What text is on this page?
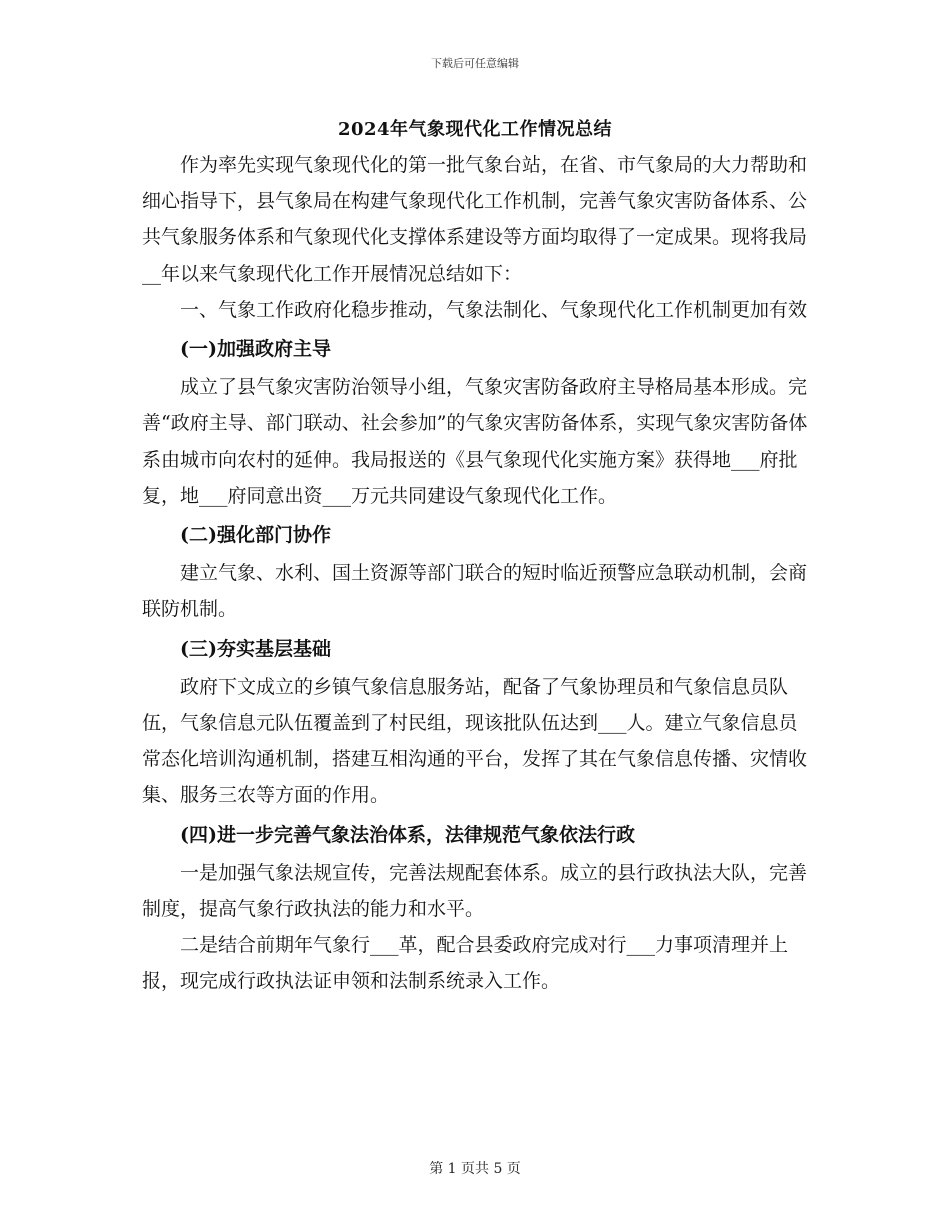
下载后可任意编辑
2024年气象现代化工作情况总结

作为率先实现气象现代化的第一批气象台站，在省、市气象局的大力帮助和细心指导下，县气象局在构建气象现代化工作机制，完善气象灾害防备体系、公共气象服务体系和气象现代化支撑体系建设等方面均取得了一定成果。现将我局__年以来气象现代化工作开展情况总结如下：

一、气象工作政府化稳步推动，气象法制化、气象现代化工作机制更加有效

(一)加强政府主导

成立了县气象灾害防治领导小组，气象灾害防备政府主导格局基本形成。完善“政府主导、部门联动、社会参加”的气象灾害防备体系，实现气象灾害防备体系由城市向农村的延伸。我局报送的《县气象现代化实施方案》获得地___府批复，地___府同意出资___万元共同建设气象现代化工作。

(二)强化部门协作

建立气象、水利、国土资源等部门联合的短时临近预警应急联动机制，会商联防机制。

(三)夯实基层基础

政府下文成立的乡镇气象信息服务站，配备了气象协理员和气象信息员队伍，气象信息元队伍覆盖到了村民组，现该批队伍达到___人。建立气象信息员常态化培训沟通机制，搭建互相沟通的平台，发挥了其在气象信息传播、灾情收集、服务三农等方面的作用。

(四)进一步完善气象法治体系，法律规范气象依法行政

一是加强气象法规宣传，完善法规配套体系。成立的县行政执法大队，完善制度，提高气象行政执法的能力和水平。

二是结合前期年气象行___革，配合县委政府完成对行___力事项清理并上报，现完成行政执法证申领和法制系统录入工作。

第 1 页共 5 页
